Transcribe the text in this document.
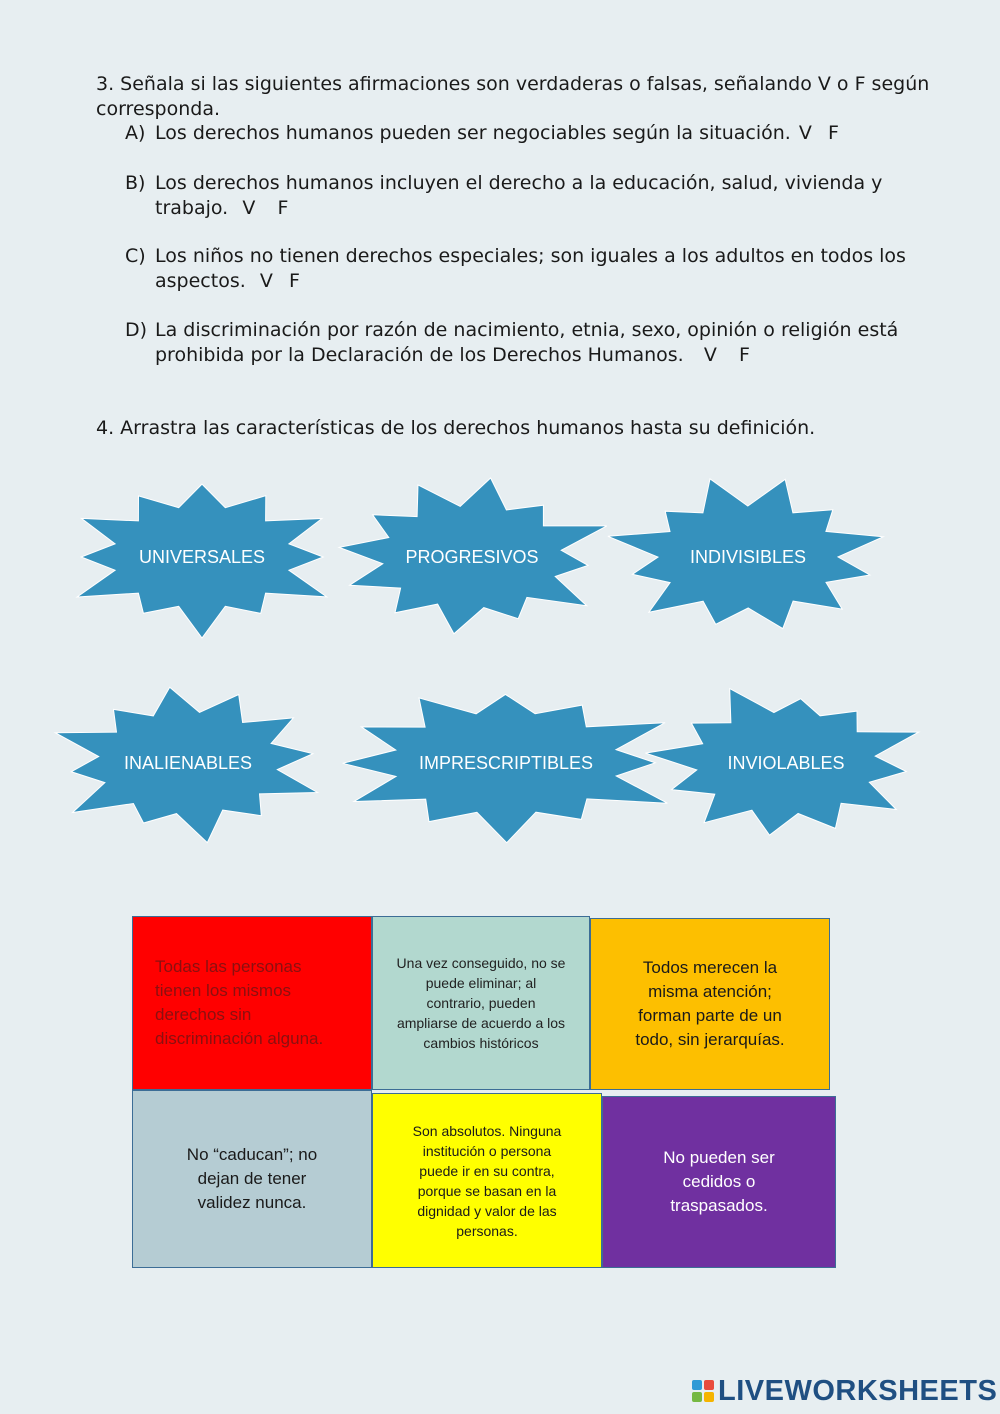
3. Señala si las siguientes afirmaciones son verdaderas o falsas, señalando V o F según corresponda.
A) Los derechos humanos pueden ser negociables según la situación. V F
B) Los derechos humanos incluyen el derecho a la educación, salud, vivienda y trabajo. V F
C) Los niños no tienen derechos especiales; son iguales a los adultos en todos los aspectos. V F
D) La discriminación por razón de nacimiento, etnia, sexo, opinión o religión está prohibida por la Declaración de los Derechos Humanos. V F
4. Arrastra las características de los derechos humanos hasta su definición.
UNIVERSALES	PROGRESIVOS	INDIVISIBLES
INALIENABLES	IMPRESCRIPTIBLES	INVIOLABLES
Todas las personas tienen los mismos derechos sin discriminación alguna.
Una vez conseguido, no se puede eliminar; al contrario, pueden ampliarse de acuerdo a los cambios históricos
Todos merecen la misma atención; forman parte de un todo, sin jerarquías.
No “caducan”; no dejan de tener validez nunca.
Son absolutos. Ninguna institución o persona puede ir en su contra, porque se basan en la dignidad y valor de las personas.
No pueden ser cedidos o traspasados.
LIVEWORKSHEETS
